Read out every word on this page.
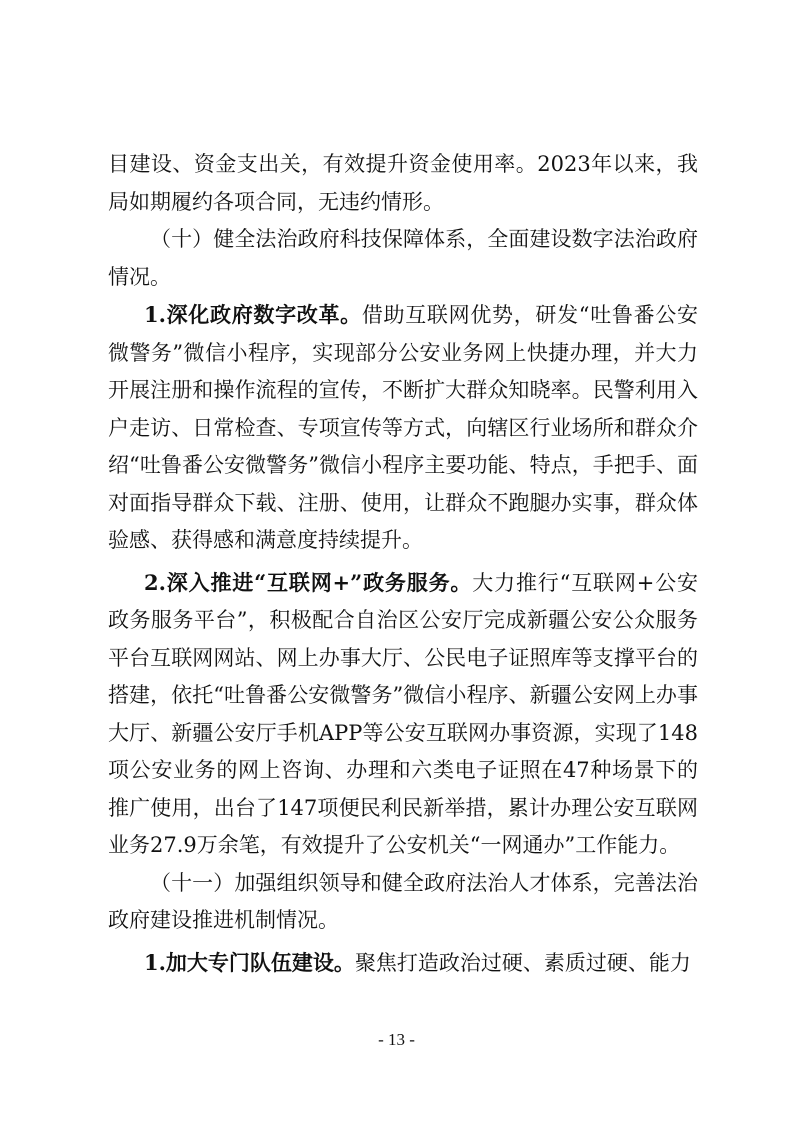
目建设、资金支出关，有效提升资金使用率。2023年以来，我局如期履约各项合同，无违约情形。

（十）健全法治政府科技保障体系，全面建设数字法治政府情况。

1.深化政府数字改革。借助互联网优势，研发“吐鲁番公安微警务”微信小程序，实现部分公安业务网上快捷办理，并大力开展注册和操作流程的宣传，不断扩大群众知晓率。民警利用入户走访、日常检查、专项宣传等方式，向辖区行业场所和群众介绍“吐鲁番公安微警务”微信小程序主要功能、特点，手把手、面对面指导群众下载、注册、使用，让群众不跑腿办实事，群众体验感、获得感和满意度持续提升。

2.深入推进“互联网+”政务服务。大力推行“互联网+公安政务服务平台”，积极配合自治区公安厅完成新疆公安公众服务平台互联网网站、网上办事大厅、公民电子证照库等支撑平台的搭建，依托“吐鲁番公安微警务”微信小程序、新疆公安网上办事大厅、新疆公安厅手机APP等公安互联网办事资源，实现了148项公安业务的网上咨询、办理和六类电子证照在47种场景下的推广使用，出台了147项便民利民新举措，累计办理公安互联网业务27.9万余笔，有效提升了公安机关“一网通办”工作能力。

（十一）加强组织领导和健全政府法治人才体系，完善法治政府建设推进机制情况。

1.加大专门队伍建设。聚焦打造政治过硬、素质过硬、能力

- 13 -
